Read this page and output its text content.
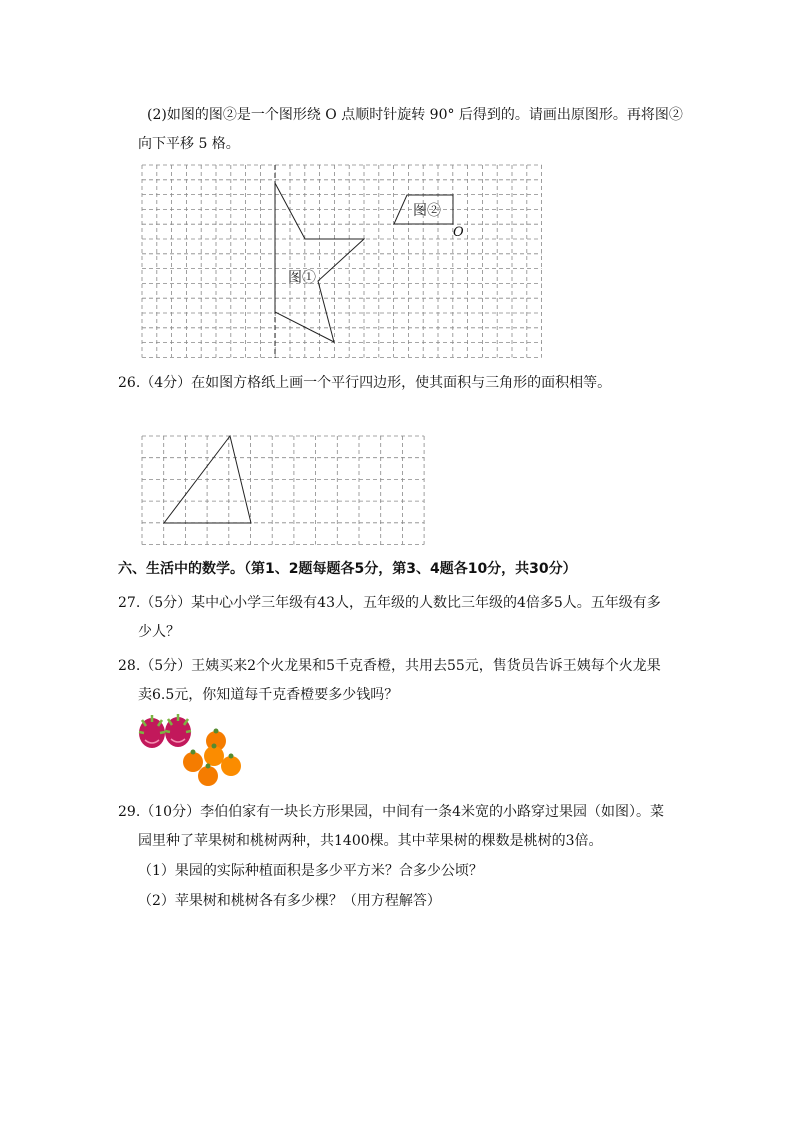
(2)如图的图②是一个图形绕 O 点顺时针旋转 90° 后得到的。请画出原图形。再将图②
向下平移 5 格。
图①
图②
O
26.（4分）在如图方格纸上画一个平行四边形，使其面积与三角形的面积相等。
六、生活中的数学。（第1、2题每题各5分，第3、4题各10分，共30分）
27.（5分）某中心小学三年级有43人，五年级的人数比三年级的4倍多5人。五年级有多
少人？
28.（5分）王姨买来2个火龙果和5千克香橙，共用去55元，售货员告诉王姨每个火龙果
卖6.5元，你知道每千克香橙要多少钱吗？
29.（10分）李伯伯家有一块长方形果园，中间有一条4米宽的小路穿过果园（如图）。菜
园里种了苹果树和桃树两种，共1400棵。其中苹果树的棵数是桃树的3倍。
（1）果园的实际种植面积是多少平方米？合多少公顷？
（2）苹果树和桃树各有多少棵？（用方程解答）
